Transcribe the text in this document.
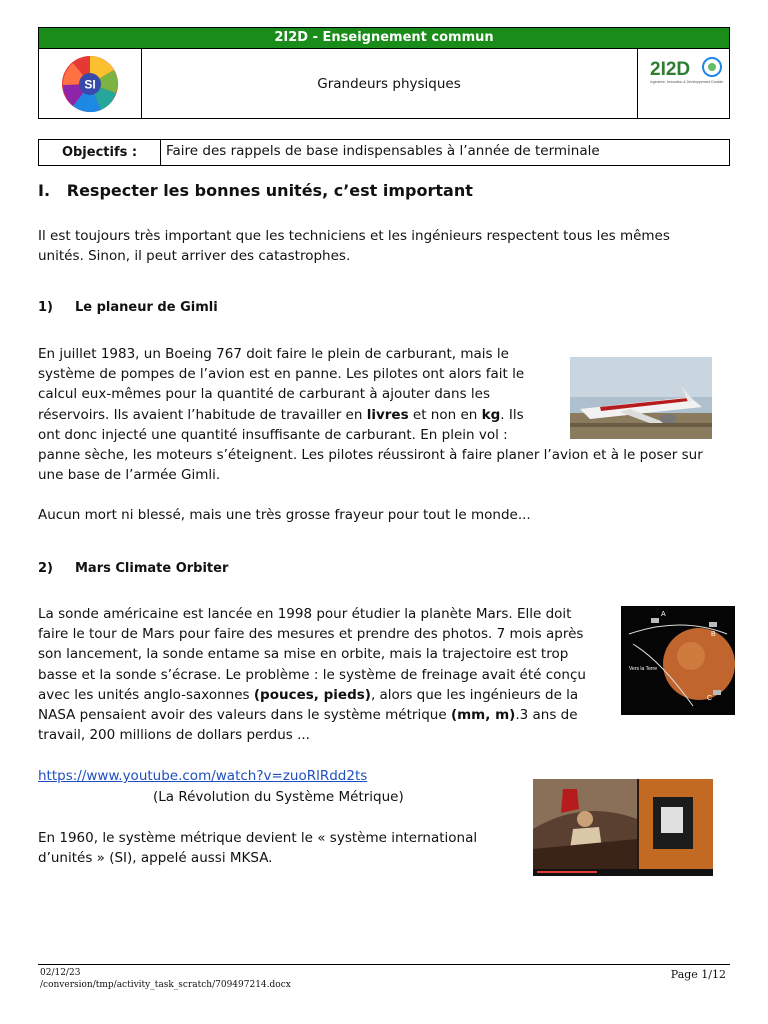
2I2D - Enseignement commun
SI	Grandeurs physiques
2I2D
Ingénierie, Innovation & Développement Durable
Objectifs :	Faire des rappels de base indispensables à l’année de terminale
I.   Respecter les bonnes unités, c’est important
Il est toujours très important que les techniciens et les ingénieurs respectent tous les mêmes
unités. Sinon, il peut arriver des catastrophes.
1) Le planeur de Gimli
En juillet 1983, un Boeing 767 doit faire le plein de carburant, mais le
système de pompes de l’avion est en panne. Les pilotes ont alors fait le
calcul eux-mêmes pour la quantité de carburant à ajouter dans les
réservoirs. Ils avaient l’habitude de travailler en livres et non en kg. Ils
ont donc injecté une quantité insuffisante de carburant. En plein vol :
panne sèche, les moteurs s’éteignent. Les pilotes réussiront à faire planer l’avion et à le poser sur
une base de l’armée Gimli.
Aucun mort ni blessé, mais une très grosse frayeur pour tout le monde...
2) Mars Climate Orbiter
La sonde américaine est lancée en 1998 pour étudier la planète Mars. Elle doit
faire le tour de Mars pour faire des mesures et prendre des photos. 7 mois après
son lancement, la sonde entame sa mise en orbite, mais la trajectoire est trop
basse et la sonde s’écrase. Le problème : le système de freinage avait été conçu
avec les unités anglo-saxonnes (pouces, pieds), alors que les ingénieurs de la
NASA pensaient avoir des valeurs dans le système métrique (mm, m).3 ans de
travail, 200 millions de dollars perdus ...
A
B
C
Vers la Terre
https://www.youtube.com/watch?v=zuoRlRdd2ts
(La Révolution du Système Métrique)
En 1960, le système métrique devient le « système international
d’unités » (SI), appelé aussi MKSA.
02/12/23
/conversion/tmp/activity_task_scratch/709497214.docx
Page 1/12
